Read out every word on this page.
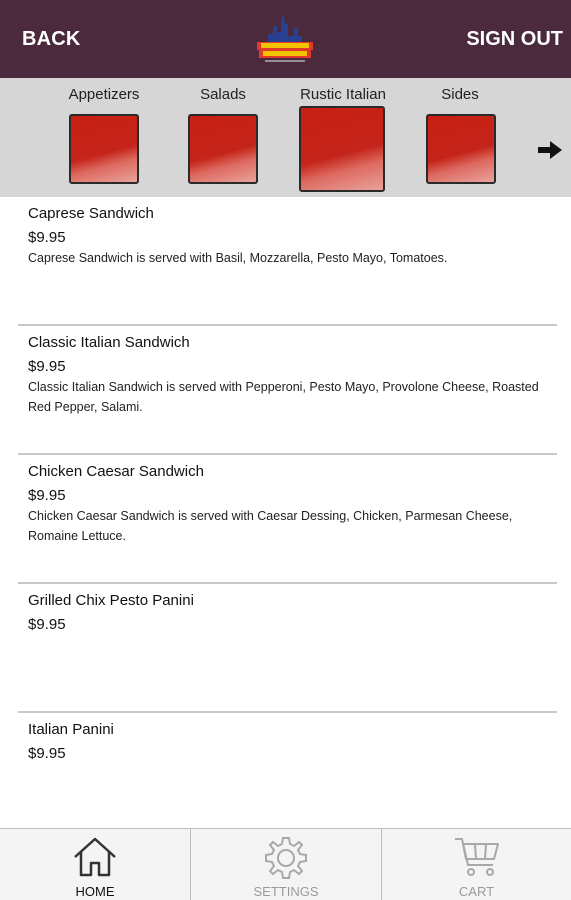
BACK	SIGN OUT
Appetizers	Salads	Rustic Italian	Sides
Caprese Sandwich
$9.95
Caprese Sandwich is served with Basil, Mozzarella, Pesto Mayo, Tomatoes.
Classic Italian Sandwich
$9.95
Classic Italian Sandwich is served with Pepperoni, Pesto Mayo, Provolone Cheese, Roasted Red Pepper, Salami.
Chicken Caesar Sandwich
$9.95
Chicken Caesar Sandwich is served with Caesar Dessing, Chicken, Parmesan Cheese, Romaine Lettuce.
Grilled Chix Pesto Panini
$9.95
Italian Panini
$9.95
HOME	SETTINGS	CART
